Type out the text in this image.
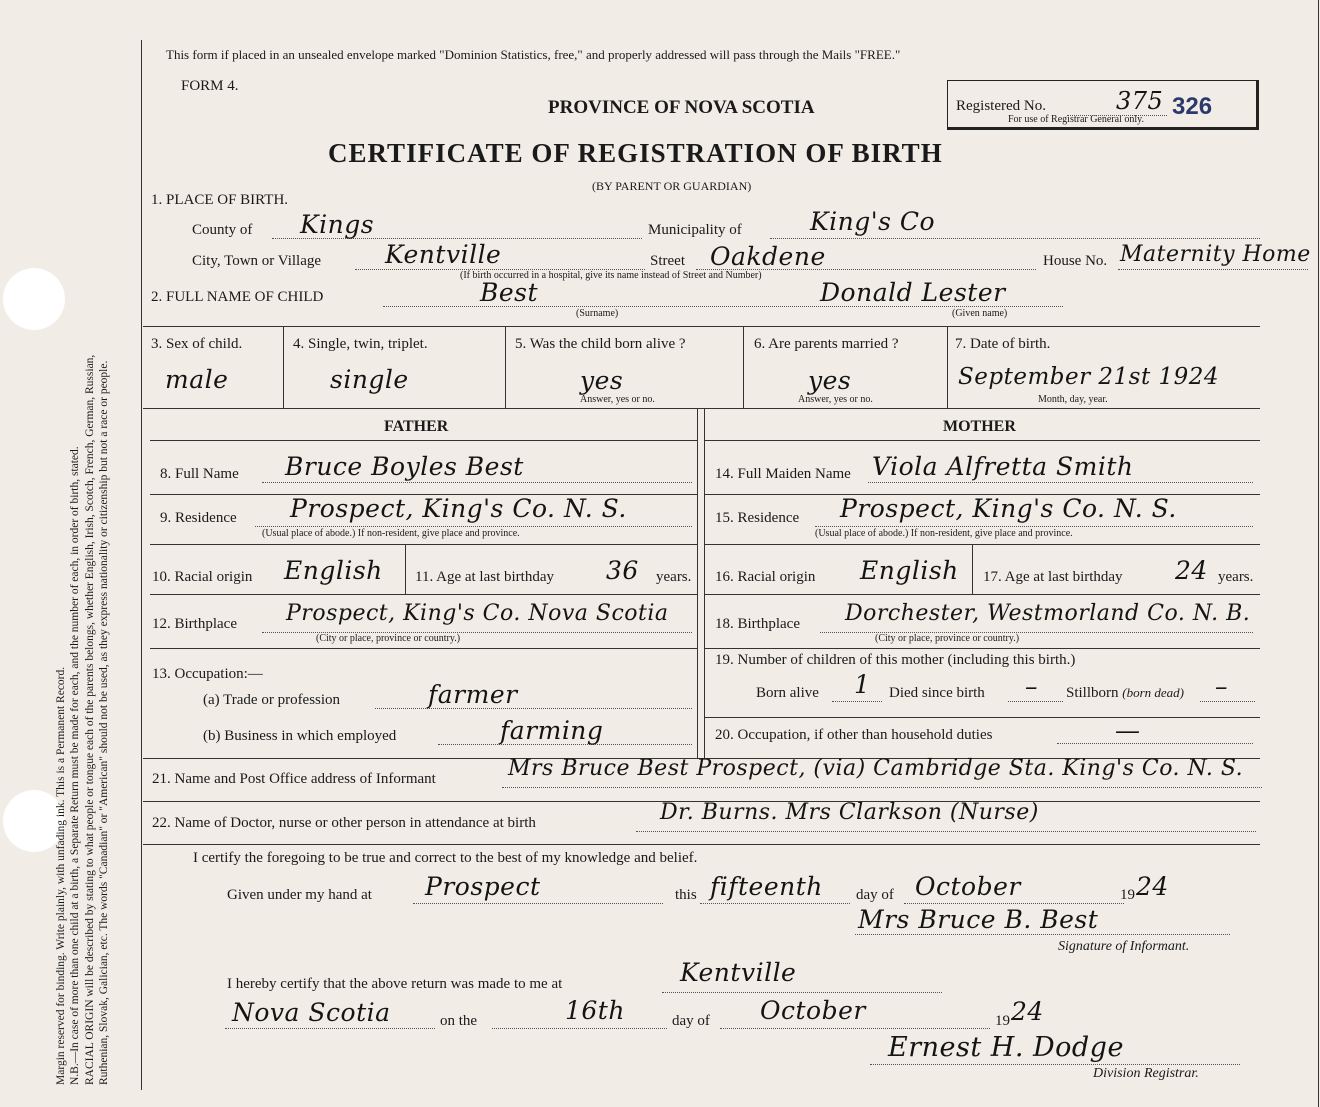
Margin reserved for binding. Write plainly, with unfading ink. This is a Permanent Record. N.B.—In case of more than one child at a birth, a Separate Return must be made for each, and the number of each, in order of birth, stated. RACIAL ORIGIN will be described by stating to what people or tongue each of the parents belongs, whether English, Irish, Scotch, French, German, Russian, Ruthenian, Slovak, Galician, etc. The words "Canadian" or "American" should not be used, as they express nationality or citizenship but not a race or people.
This form if placed in an unsealed envelope marked "Dominion Statistics, free," and properly addressed will pass through the Mails "FREE."
FORM 4.
PROVINCE OF NOVA SCOTIA
CERTIFICATE OF REGISTRATION OF BIRTH
(BY PARENT OR GUARDIAN)
Registered No.	375 326
For use of Registrar General only.
1. PLACE OF BIRTH.
County of Kings	Municipality of	King's Co
City, Town or Village	Kentville	Street Oakdene	House No. Maternity Home
(If birth occurred in a hospital, give its name instead of Street and Number)
2. FULL NAME OF CHILD	Best
(Surname)
Donald Lester
(Given name)
3. Sex of child.
male
4. Single, twin, triplet.
single
5. Was the child born alive ?
yes
Answer, yes or no.
6. Are parents married ?
yes
Answer, yes or no.
7. Date of birth.
September 21st 1924
Month, day, year.
FATHER	MOTHER
8. Full Name Bruce Boyles Best
9. Residence Prospect, King's Co. N. S.
(Usual place of abode.) If non-resident, give place and province.
10. Racial origin English 11. Age at last birthday 36 years.
12. Birthplace Prospect, King's Co. Nova Scotia
(City or place, province or country.)
13. Occupation:—
(a) Trade or profession	farmer
(b) Business in which employed	farming
14. Full Maiden Name Viola Alfretta Smith
15. Residence Prospect, King's Co. N. S.
(Usual place of abode.) If non-resident, give place and province.
16. Racial origin English 17. Age at last birthday 24 years.
18. Birthplace Dorchester, Westmorland Co. N. B.
(City or place, province or country.)
19. Number of children of this mother (including this birth.)
Born alive 1 Died since birth – Stillborn (born dead) –
20. Occupation, if other than household duties	—
21. Name and Post Office address of Informant	Mrs Bruce Best Prospect, (via) Cambridge Sta. King's Co. N. S.
22. Name of Doctor, nurse or other person in attendance at birth	Dr. Burns. Mrs Clarkson (Nurse)
I certify the foregoing to be true and correct to the best of my knowledge and belief.
Given under my hand at Prospect	this fifteenth day of October	19 24
Mrs Bruce B. Best
Signature of Informant.
I hereby certify that the above return was made to me at	Kentville
Nova Scotia	on the	16th	day of October	19 24
Ernest H. Dodge
Division Registrar.
